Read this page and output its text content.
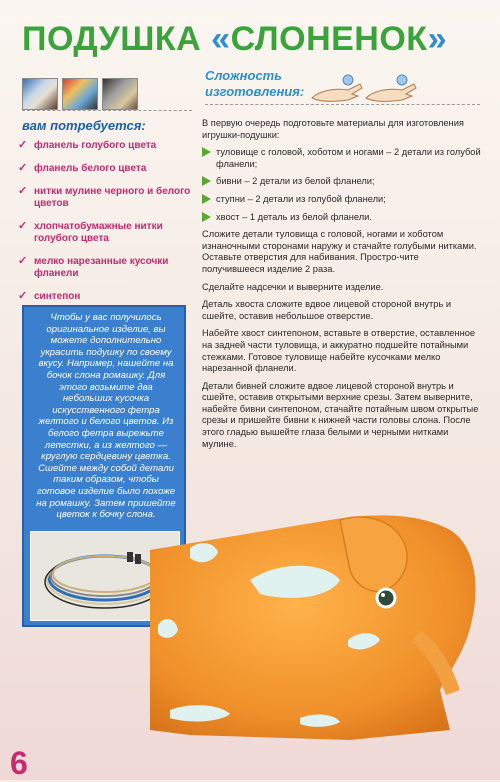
ПОДУШКА «СЛОНЕНОК»
вам потребуется:
✓ фланель голубого цвета
✓ фланель белого цвета
✓ нитки мулине черного и белого цветов
✓ хлопчатобумажные нитки голубого цвета
✓ мелко нарезанные кусочки фланели
✓ синтепон
Чтобы у вас получилось оригинальное изделие, вы можете дополнительно украсить подушку по своему вкусу. Например, нашейте на бочок слона ромашку. Для этого возьмите два небольших кусочка искусственного фетра желтого и белого цветов. Из белого фетра вырежьте лепестки, а из желтого — круглую сердцевину цветка. Сшейте между собой детали таким образом, чтобы готовое изделие было похоже на ромашку. Затем пришейте цветок к бочку слона.
Сложность
изготовления:

В первую очередь подготовьте материалы для изготовления игрушки-подушки:

туловище с головой, хоботом и ногами – 2 детали из голубой фланели;
бивни – 2 детали из белой фланели;
ступни – 2 детали из голубой фланели;
хвост – 1 деталь из белой фланели.

Сложите детали туловища с головой, ногами и хоботом изнаночными сторонами наружу и стачайте голубыми нитками. Оставьте отверстия для набивания. Простро-чите получившееся изделие 2 раза.

Сделайте надсечки и выверните изделие.

Деталь хвоста сложите вдвое лицевой стороной внутрь и сшейте, оставив небольшое отверстие.

Набейте хвост синтепоном, вставьте в отверстие, оставленное на задней части туловища, и аккуратно подшейте потайными стежками. Готовое туловище набейте кусочками мелко нарезанной фланели.

Детали бивней сложите вдвое лицевой стороной внутрь и сшейте, оставив открытыми верхние срезы. Затем выверните, набейте бивни синтепоном, стачайте потайным швом открытые срезы и пришейте бивни к нижней части головы слона. После этого гладью вышейте глаза белыми и черными нитками мулине.

6
